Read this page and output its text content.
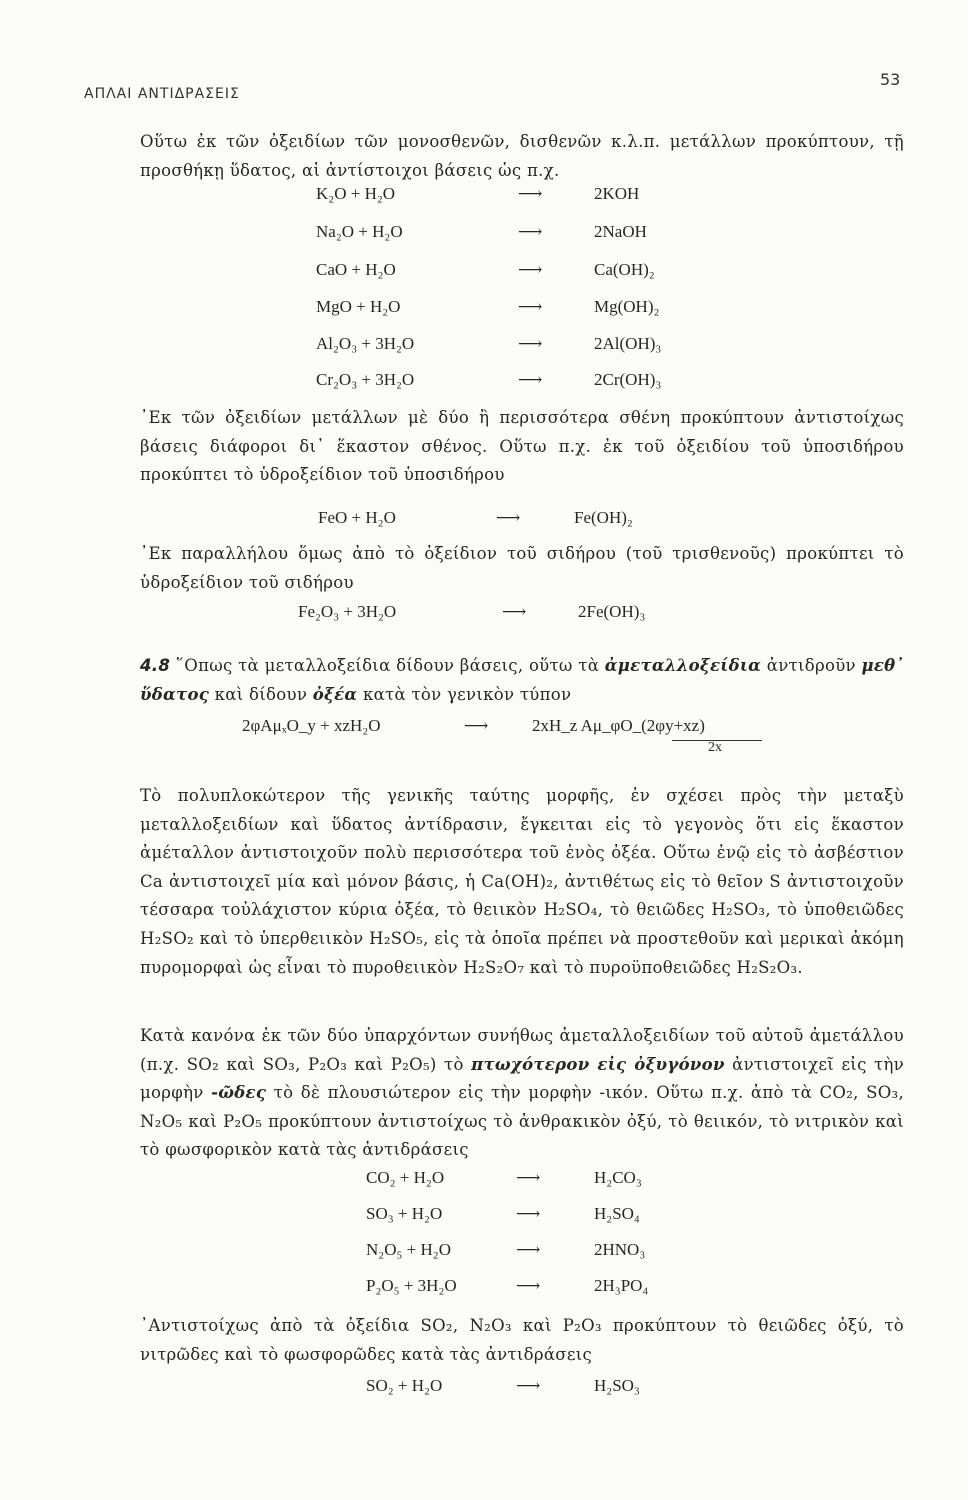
ΑΠΛΑΙ ΑΝΤΙΔΡΑΣΕΙΣ
53
Οὕτω ἐκ τῶν ὀξειδίων τῶν μονοσθενῶν, δισθενῶν κ.λ.π. μετάλλων προκύπτουν, τῇ προσθήκῃ ὕδατος, αἱ ἀντίστοιχοι βάσεις ὡς π.χ.
K₂O + H₂O	⟶	2KOH
Na₂O + H₂O	⟶	2NaOH
CaO + H₂O	⟶	Ca(OH)₂
MgO + H₂O	⟶	Mg(OH)₂
Al₂O₃ + 3H₂O	⟶	2Al(OH)₃
Cr₂O₃ + 3H₂O	⟶	2Cr(OH)₃
᾿Εκ τῶν ὀξειδίων μετάλλων μὲ δύο ἢ περισσότερα σθένη προκύπτουν ἀντιστοίχως βάσεις διάφοροι δι᾿ ἕκαστον σθένος. Οὕτω π.χ. ἐκ τοῦ ὀξειδίου τοῦ ὑποσιδήρου προκύπτει τὸ ὑδροξείδιον τοῦ ὑποσιδήρου
FeO + H₂O	⟶	Fe(OH)₂
᾿Εκ παραλλήλου ὅμως ἀπὸ τὸ ὀξείδιον τοῦ σιδήρου (τοῦ τρισθενοῦς) προκύπτει τὸ ὑδροξείδιον τοῦ σιδήρου
Fe₂O₃ + 3H₂O	⟶	2Fe(OH)₃
4.8 ῞Οπως τὰ μεταλλοξείδια δίδουν βάσεις, οὕτω τὰ ἀμεταλλοξείδια ἀντιδροῦν μεθ᾿ ὕδατος καὶ δίδουν ὀξέα κατὰ τὸν γενικὸν τύπον
2φAμₓO_y + xzH₂O	⟶	2xH_z Aμ_φO_(2φy+xz)
2x
Τὸ πολυπλοκώτερον τῆς γενικῆς ταύτης μορφῆς, ἐν σχέσει πρὸς τὴν μεταξὺ μεταλλοξειδίων καὶ ὕδατος ἀντίδρασιν, ἔγκειται εἰς τὸ γεγονὸς ὅτι εἰς ἕκαστον ἀμέταλλον ἀντιστοιχοῦν πολὺ περισσότερα τοῦ ἑνὸς ὀξέα. Οὕτω ἐνῷ εἰς τὸ ἀσβέστιον Ca ἀντιστοιχεῖ μία καὶ μόνον βάσις, ἡ Ca(OH)₂, ἀντιθέτως εἰς τὸ θεῖον S ἀντιστοιχοῦν τέσσαρα τοὐλάχιστον κύρια ὀξέα, τὸ θειικὸν H₂SO₄, τὸ θειῶδες H₂SO₃, τὸ ὑποθειῶδες H₂SO₂ καὶ τὸ ὑπερθειικὸν H₂SO₅, εἰς τὰ ὁποῖα πρέπει νὰ προστεθοῦν καὶ μερικαὶ ἀκόμη πυρομορφαὶ ὡς εἶναι τὸ πυροθειικὸν H₂S₂O₇ καὶ τὸ πυροϋποθειῶδες H₂S₂O₃.
Κατὰ κανόνα ἐκ τῶν δύο ὑπαρχόντων συνήθως ἀμεταλλοξειδίων τοῦ αὐτοῦ ἀμετάλλου (π.χ. SO₂ καὶ SO₃, P₂O₃ καὶ P₂O₅) τὸ πτωχότερον εἰς ὀξυγόνον ἀντιστοιχεῖ εἰς τὴν μορφὴν -ῶδες τὸ δὲ πλουσιώτερον εἰς τὴν μορφὴν -ικόν. Οὕτω π.χ. ἀπὸ τὰ CO₂, SO₃, N₂O₅ καὶ P₂O₅ προκύπτουν ἀντιστοίχως τὸ ἀνθρακικὸν ὀξύ, τὸ θειικόν, τὸ νιτρικὸν καὶ τὸ φωσφορικὸν κατὰ τὰς ἀντιδράσεις
CO₂ + H₂O	⟶	H₂CO₃
SO₃ + H₂O	⟶	H₂SO₄
N₂O₅ + H₂O	⟶	2HNO₃
P₂O₅ + 3H₂O	⟶	2H₃PO₄
᾿Αντιστοίχως ἀπὸ τὰ ὀξείδια SO₂, N₂O₃ καὶ P₂O₃ προκύπτουν τὸ θειῶδες ὀξύ, τὸ νιτρῶδες καὶ τὸ φωσφορῶδες κατὰ τὰς ἀντιδράσεις
SO₂ + H₂O	⟶	H₂SO₃
